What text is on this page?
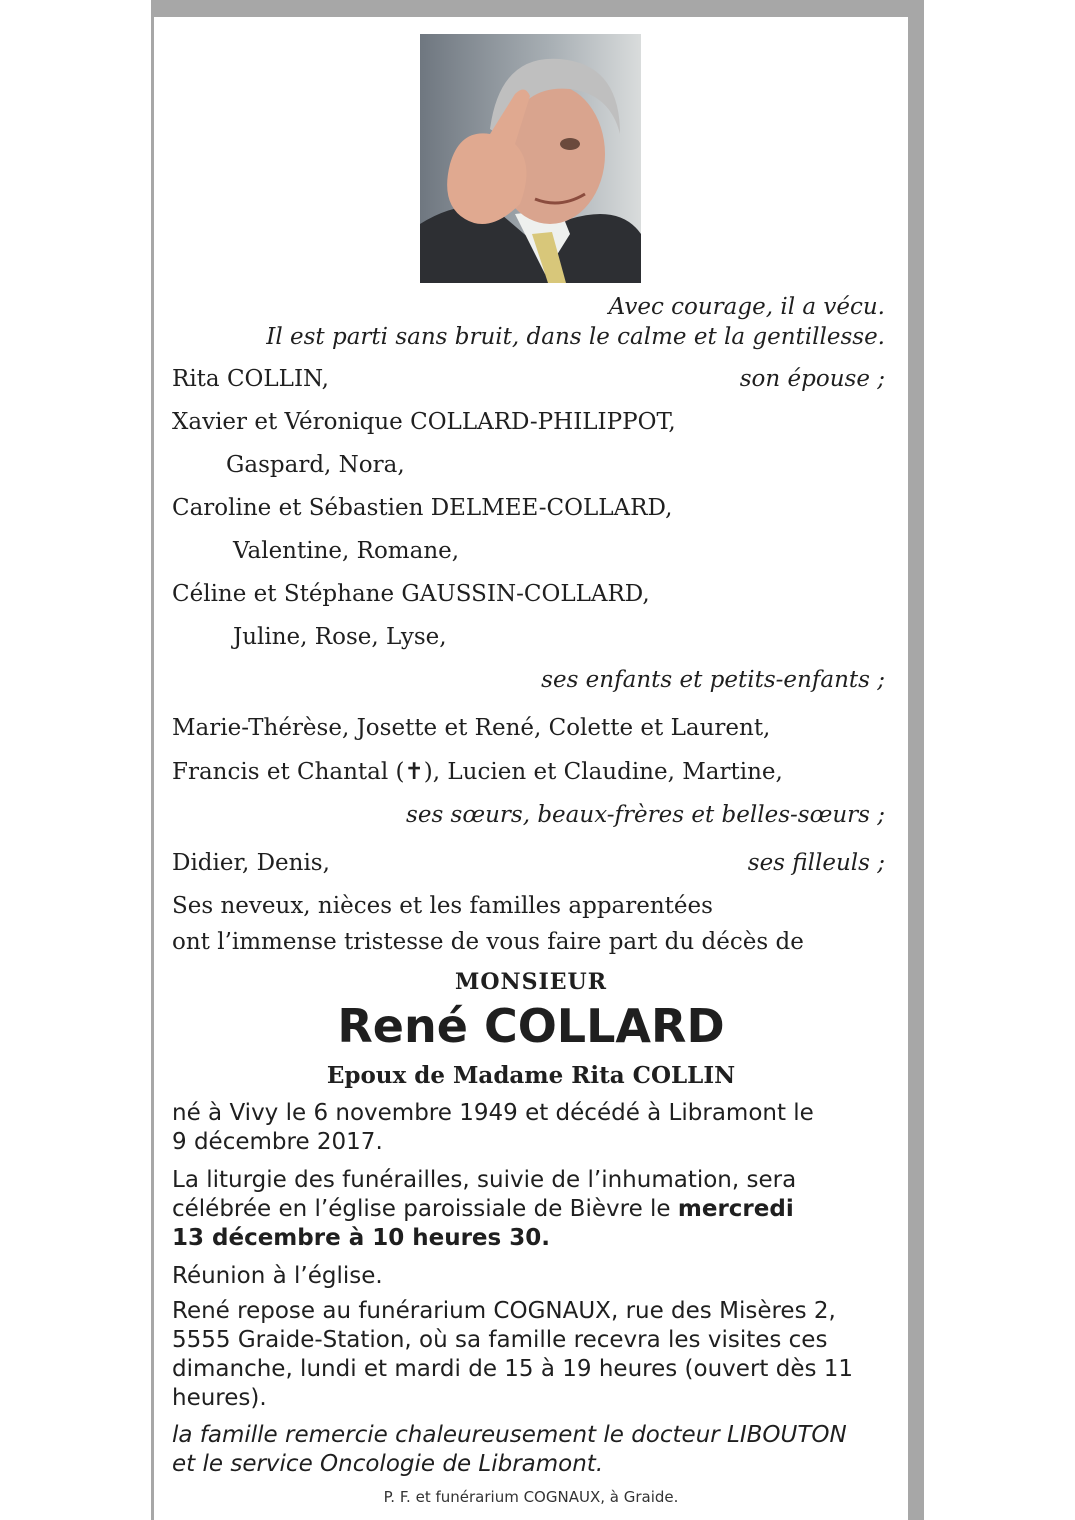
Avec courage, il a vécu.
Il est parti sans bruit, dans le calme et la gentillesse.
Rita COLLIN,	son épouse ;
Xavier et Véronique COLLARD-PHILIPPOT,
Gaspard, Nora,
Caroline et Sébastien DELMEE-COLLARD,
Valentine, Romane,
Céline et Stéphane GAUSSIN-COLLARD,
Juline, Rose, Lyse,
ses enfants et petits-enfants ;
Marie-Thérèse, Josette et René, Colette et Laurent,
Francis et Chantal (✝), Lucien et Claudine, Martine,
ses sœurs, beaux-frères et belles-sœurs ;
Didier, Denis,	ses filleuls ;
Ses neveux, nièces et les familles apparentées
ont l’immense tristesse de vous faire part du décès de
MONSIEUR
René COLLARD
Epoux de Madame Rita COLLIN
né à Vivy le 6 novembre 1949 et décédé à Libramont le 9 décembre 2017.
La liturgie des funérailles, suivie de l’inhumation, sera célébrée en l’église paroissiale de Bièvre le mercredi 13 décembre à 10 heures 30.
Réunion à l’église.
René repose au funérarium COGNAUX, rue des Misères 2, 5555 Graide-Station, où sa famille recevra les visites ces dimanche, lundi et mardi de 15 à 19 heures (ouvert dès 11 heures).
la famille remercie chaleureusement le docteur LIBOUTON et le service Oncologie de Libramont.
P. F. et funérarium COGNAUX, à Graide.
